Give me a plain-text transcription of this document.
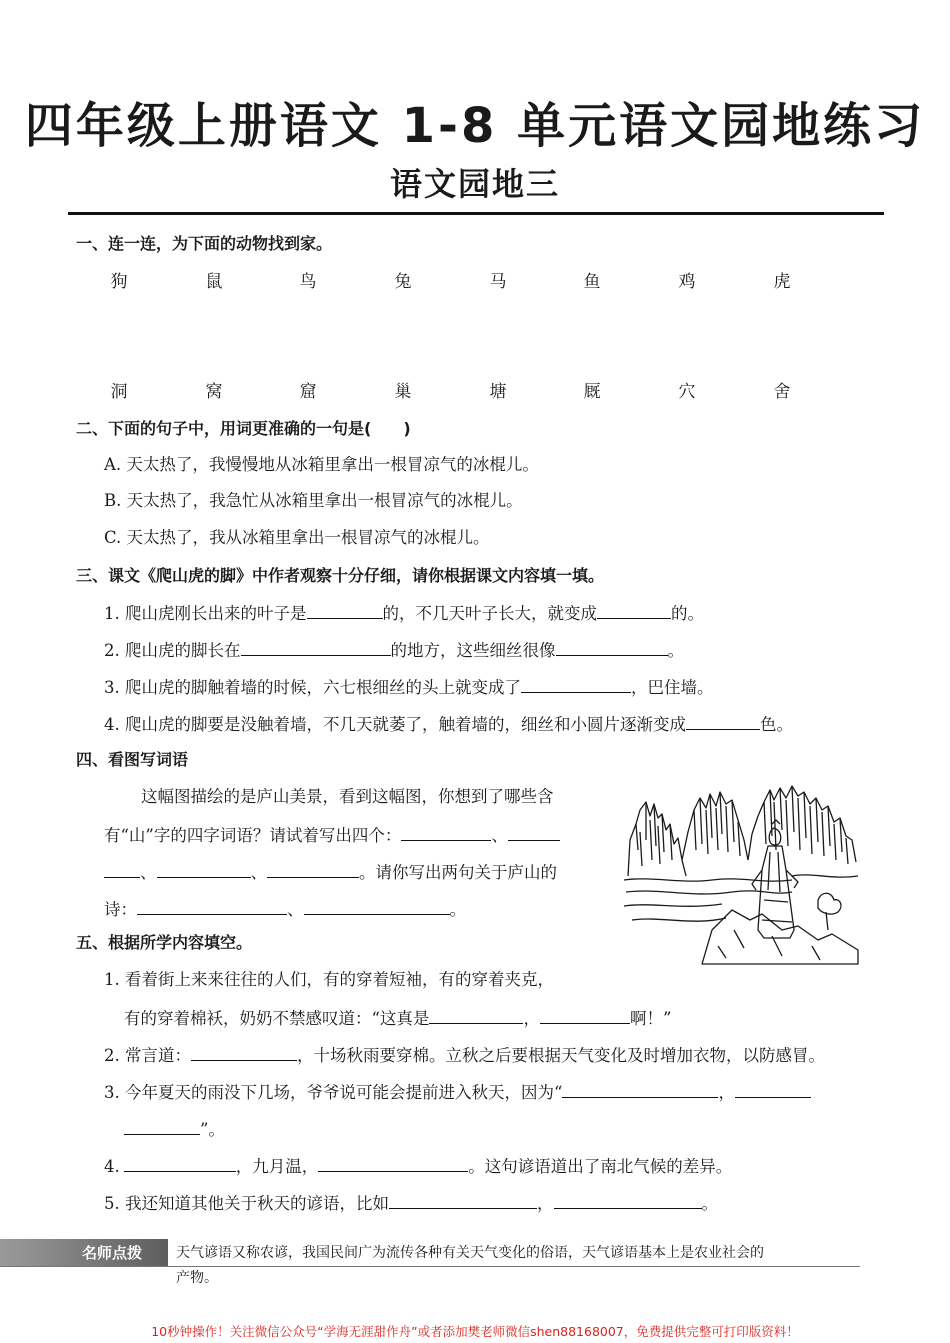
四年级上册语文 1-8 单元语文园地练习
语文园地三
一、连一连，为下面的动物找到家。
狗	鼠	鸟	兔	马	鱼	鸡	虎
洞	窝	窟	巢	塘	厩	穴	舍
二、下面的句子中，用词更准确的一句是(　　)
A. 天太热了，我慢慢地从冰箱里拿出一根冒凉气的冰棍儿。
B. 天太热了，我急忙从冰箱里拿出一根冒凉气的冰棍儿。
C. 天太热了，我从冰箱里拿出一根冒凉气的冰棍儿。
三、课文《爬山虎的脚》中作者观察十分仔细，请你根据课文内容填一填。
1. 爬山虎刚长出来的叶子是	的，不几天叶子长大，就变成	的。
2. 爬山虎的脚长在	的地方，这些细丝很像	。
3. 爬山虎的脚触着墙的时候，六七根细丝的头上就变成了	，巴住墙。
4. 爬山虎的脚要是没触着墙，不几天就萎了，触着墙的，细丝和小圆片逐渐变成	色。
四、看图写词语
这幅图描绘的是庐山美景，看到这幅图，你想到了哪些含
有“山”字的四字词语？请试着写出四个：	、
、	、	。请你写出两句关于庐山的
诗：	、	。
五、根据所学内容填空。
1. 看着街上来来往往的人们，有的穿着短袖，有的穿着夹克，
有的穿着棉袄，奶奶不禁感叹道：“这真是	，	啊！”
2. 常言道：	，十场秋雨要穿棉。立秋之后要根据天气变化及时增加衣物，以防感冒。
3. 今年夏天的雨没下几场，爷爷说可能会提前进入秋天，因为“	，
”。
4.	，九月温，	。这句谚语道出了南北气候的差异。
5. 我还知道其他关于秋天的谚语，比如	，	。
名师点拨 天气谚语又称农谚，我国民间广为流传各种有关天气变化的俗语，天气谚语基本上是农业社会的
产物。
10秒钟操作！关注微信公众号“学海无涯甜作舟”或者添加樊老师微信shen88168007，免费提供完整可打印版资料！
